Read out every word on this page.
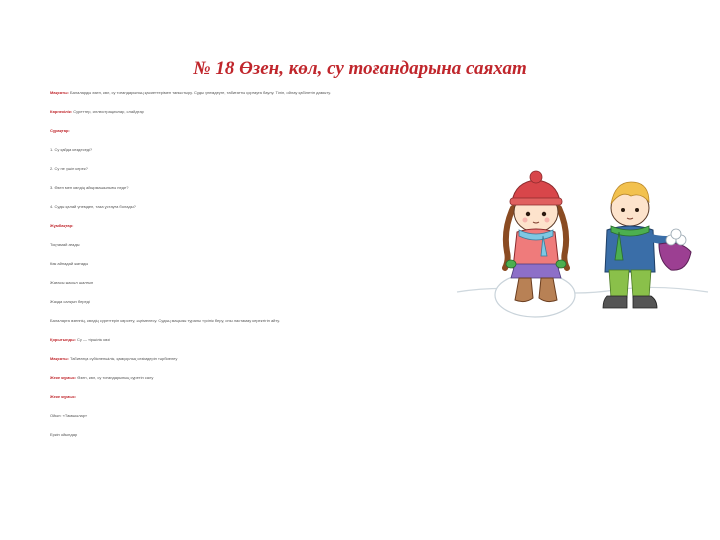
№ 18 Өзен, көл, су тоғандарына саяхат
Мақсаты: Балаларды өзен, көл, су тоғандарының қасиеттерімен таныстыру. Суды үнемдеуге, табиғатты қорғауға баулу. Тілін, ойлау қабілетін дамыту.
Көрнекілік: Суреттер, иллюстрациялар, слайдтар
Сұрақтар:
1. Су қайда кездеседі?
2. Су не үшін керек?
3. Өзен мен көлдің айырмашылығы неде?
4. Суды қалай үнемдеп, таза ұстауға болады?
Жұмбақтар:
Тоқтамай ағады
Көк айнадай жатады
Жағасы жасыл шалғын
Жазда салқын береді
Балаларға өзеннің, көлдің суреттерін көрсету, әңгімелесу. Судың маңызы туралы түсінік беру, оны ластамау керектігін айту.
Қорытынды: Су — тіршілік көзі
Мақсаты: Табиғатқа сүйіспеншілік, қамқорлық сезімдерін тәрбиелеу
Жеке жұмыс: Өзен, көл, су тоғандарының суретін салу
Жеке жұмыс:
Ойын: «Тамшылар»
Еркін ойындар
